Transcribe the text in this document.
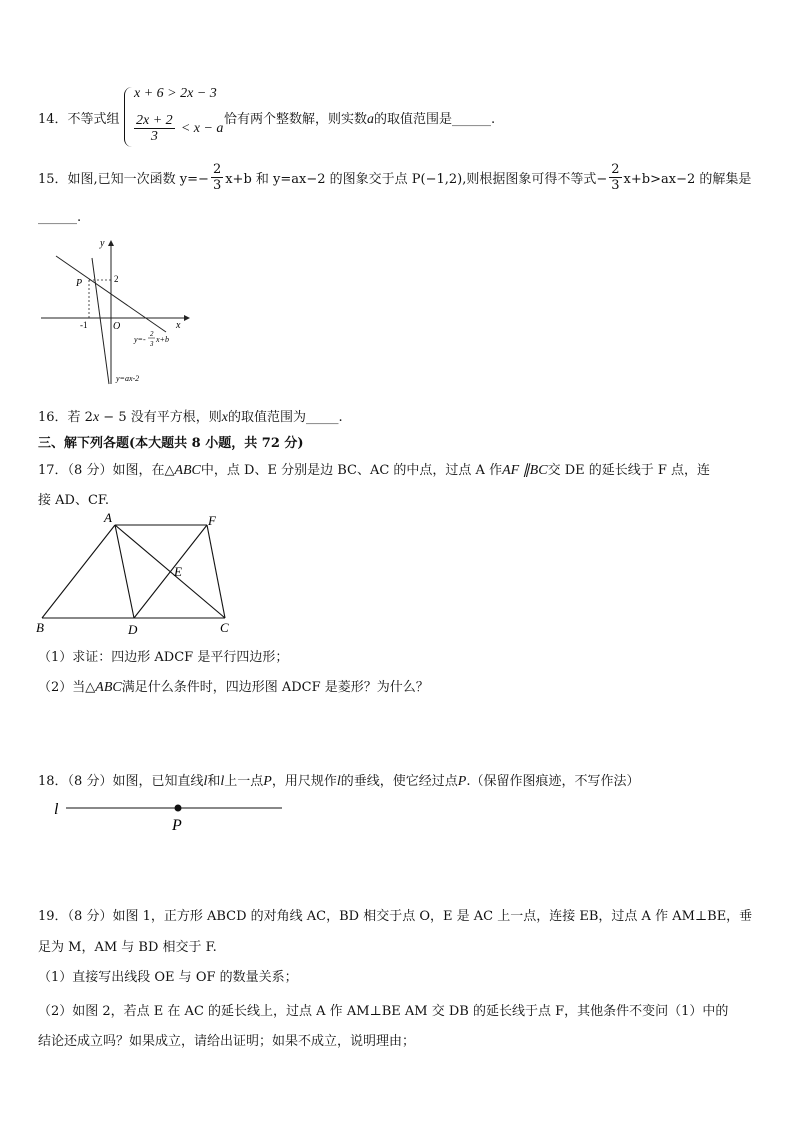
14．不等式组
x + 6 > 2x − 3
$\frac{2x + 2}{3} < x - a$
恰有两个整数解，则实数a的取值范围是______.
15．如图,已知一次函数 $y=- \frac{2}{3} x+b$ 和 y=ax−2 的图象交于点 P(−1,2),则根据图象可得不等式− $\frac{2}{3} x+b>ax-2$ 的解集是
______.
y
x
P	2
-1	O
y=-
2
3 x+b
y=ax-2
16．若 2x − 5 没有平方根，则x的取值范围为_____.
三、解下列各题(本大题共 8 小题，共 72 分)
17．（8 分）如图，在△ABC中，点 D、E 分别是边 BC、AC 的中点，过点 A 作AF ∥BC交 DE 的延长线于 F 点，连
接 AD、CF.
A	F
E
B	D	C
（1）求证：四边形 ADCF 是平行四边形；
（2）当△ABC满足什么条件时，四边形图 ADCF 是菱形？为什么？
18．（8 分）如图，已知直线l和l上一点P，用尺规作l的垂线，使它经过点P.（保留作图痕迹，不写作法）
l
P
19．（8 分）如图 1，正方形 ABCD 的对角线 AC，BD 相交于点 O，E 是 AC 上一点，连接 EB，过点 A 作 AM⊥BE，垂
足为 M，AM 与 BD 相交于 F.
（1）直接写出线段 OE 与 OF 的数量关系；
（2）如图 2，若点 E 在 AC 的延长线上，过点 A 作 AM⊥BE AM 交 DB 的延长线于点 F，其他条件不变问（1）中的
结论还成立吗？如果成立，请给出证明；如果不成立，说明理由；
